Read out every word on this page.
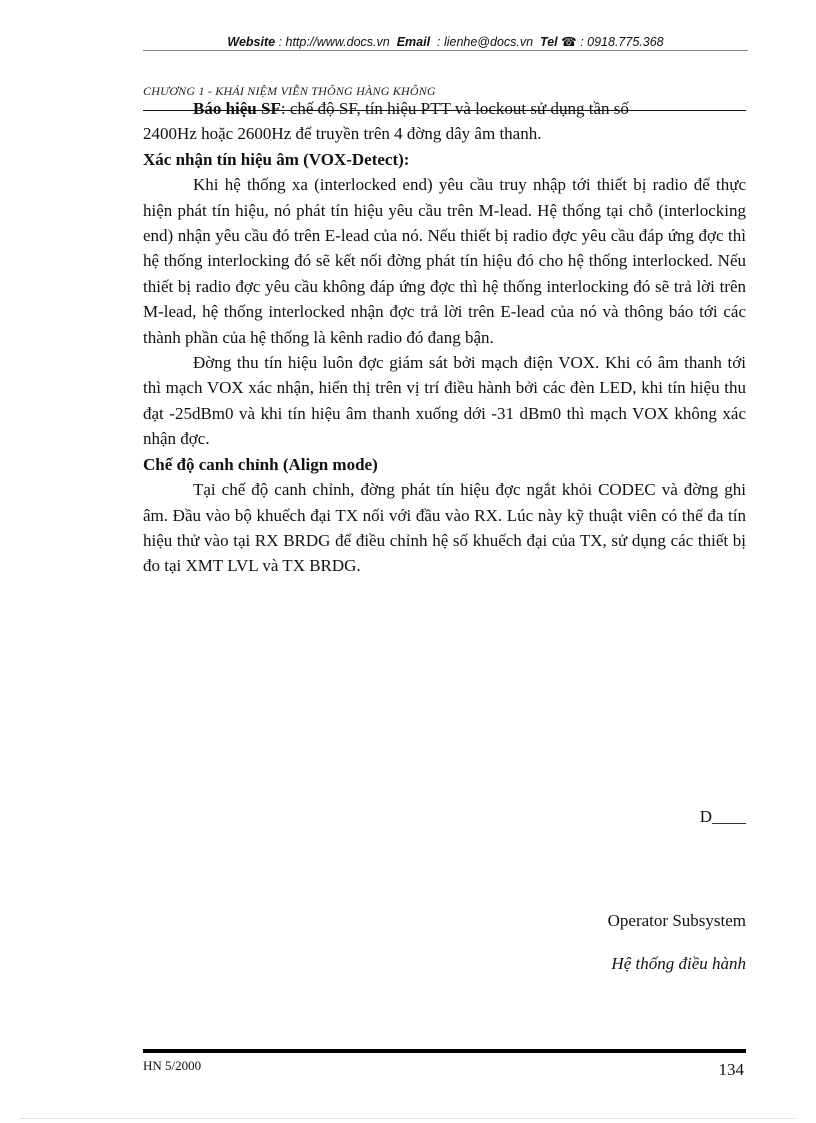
Website : http://www.docs.vn Email : lienhe@docs.vn Tel ☎ : 0918.775.368
CHƯƠNG 1 - KHÁI NIỆM VIỄN THÔNG HÀNG KHÔNG

Báo hiệu SF: chế độ SF, tín hiệu PTT và lockout sử dụng tần số

2400Hz hoặc 2600Hz để truyền trên 4 đờng dây âm thanh.

Xác nhận tín hiệu âm (VOX-Detect):

Khi hệ thống xa (interlocked end) yêu cầu truy nhập tới thiết bị radio để thực hiện phát tín hiệu, nó phát tín hiệu yêu cầu trên M-lead. Hệ thống tại chỗ (interlocking end) nhận yêu cầu đó trên E-lead của nó. Nếu thiết bị radio đợc yêu cầu đáp ứng đợc thì hệ thống interlocking đó sẽ kết nối đờng phát tín hiệu đó cho hệ thống interlocked. Nếu thiết bị radio đợc yêu cầu không đáp ứng đợc thì hệ thống interlocking đó sẽ trả lời trên M-lead, hệ thống interlocked nhận đợc trả lời trên E-lead của nó và thông báo tới các thành phần của hệ thống là kênh radio đó đang bận.

Đờng thu tín hiệu luôn đợc giám sát bởi mạch điện VOX. Khi có âm thanh tới thì mạch VOX xác nhận, hiển thị trên vị trí điều hành bởi các đèn LED, khi tín hiệu thu đạt -25dBm0 và khi tín hiệu âm thanh xuống dới -31 dBm0 thì mạch VOX không xác nhận đợc.

Chế độ canh chỉnh (Align mode)

Tại chế độ canh chỉnh, đờng phát tín hiệu đợc ngắt khỏi CODEC và đờng ghi âm. Đầu vào bộ khuếch đại TX nối với đầu vào RX. Lúc này kỹ thuật viên có thể đa tín hiệu thử vào tại RX BRDG để điều chỉnh hệ số khuếch đại của TX, sử dụng các thiết bị đo tại XMT LVL và TX BRDG.

D____
Operator Subsystem
Hệ thống điều hành
HN 5/2000	134
